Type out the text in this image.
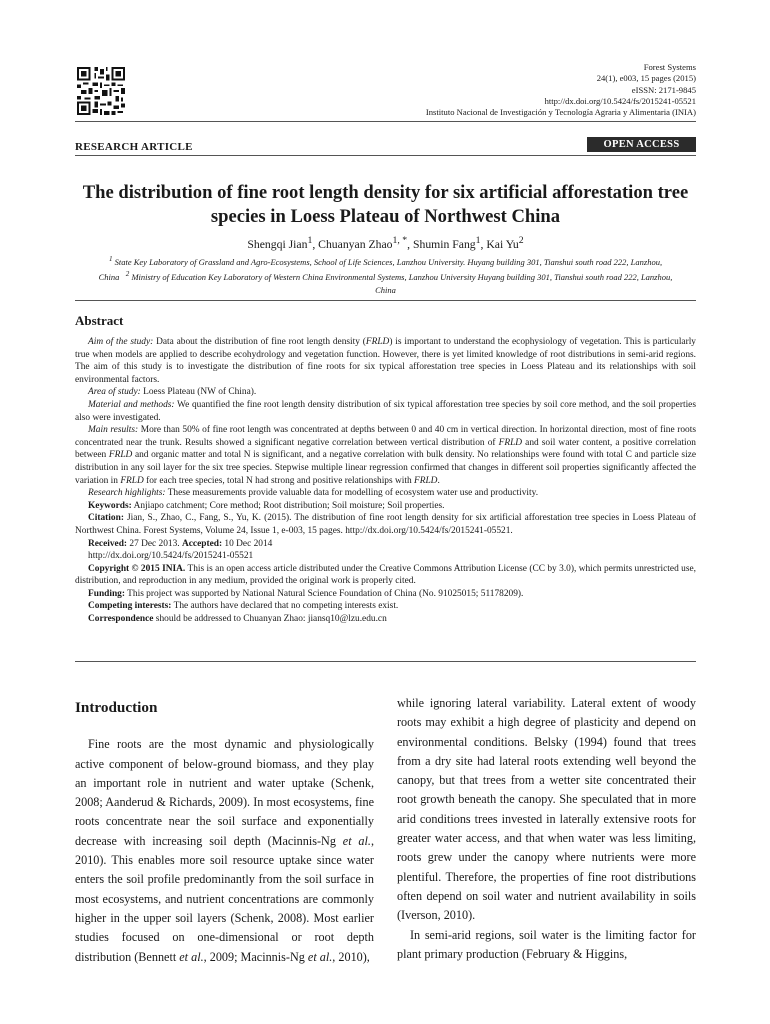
Forest Systems
24(1), e003, 15 pages (2015)
eISSN: 2171-9845
http://dx.doi.org/10.5424/fs/2015241-05521
Instituto Nacional de Investigación y Tecnología Agraria y Alimentaria (INIA)
RESEARCH ARTICLE	OPEN ACCESS
The distribution of fine root length density for six artificial afforestation tree species in Loess Plateau of Northwest China
Shengqi Jian$^1$, Chuanyan Zhao$^{1, *}$, Shumin Fang$^1$, Kai Yu$^2$
$^1$ State Key Laboratory of Grassland and Agro-Ecosystems, School of Life Sciences, Lanzhou University. Huyang building 301, Tianshui south road 222, Lanzhou, China $^2$ Ministry of Education Key Laboratory of Western China Environmental Systems, Lanzhou University Huyang building 301, Tianshui south road 222, Lanzhou, China
Abstract

Aim of the study: Data about the distribution of fine root length density (FRLD) is important to understand the ecophysiology of vegetation. This is particularly true when models are applied to describe ecohydrology and vegetation function. However, there is yet limited knowledge of root distributions in semi-arid regions. The aim of this study is to investigate the distribution of fine roots for six typical afforestation tree species in Loess Plateau and its relationships with soil environmental factors.

Area of study: Loess Plateau (NW of China).

Material and methods: We quantified the fine root length density distribution of six typical afforestation tree species by soil core method, and the soil properties also were investigated.

Main results: More than 50% of fine root length was concentrated at depths between 0 and 40 cm in vertical direction. In horizontal direction, most of fine roots concentrated near the trunk. Results showed a significant negative correlation between vertical distribution of FRLD and soil water content, a positive correlation between FRLD and organic matter and total N is significant, and a negative correlation with bulk density. No relationships were found with total C and particle size distribution in any soil layer for the six tree species. Stepwise multiple linear regression confirmed that changes in different soil properties significantly affected the variation in FRLD for each tree species, total N had strong and positive relationships with FRLD.

Research highlights: These measurements provide valuable data for modelling of ecosystem water use and productivity.

Keywords: Anjiapo catchment; Core method; Root distribution; Soil moisture; Soil properties.

Citation: Jian, S., Zhao, C., Fang, S., Yu, K. (2015). The distribution of fine root length density for six artificial afforestation tree species in Loess Plateau of Northwest China. Forest Systems, Volume 24, Issue 1, e-003, 15 pages. http://dx.doi.org/10.5424/fs/2015241-05521.

Received: 27 Dec 2013. Accepted: 10 Dec 2014

http://dx.doi.org/10.5424/fs/2015241-05521

Copyright © 2015 INIA. This is an open access article distributed under the Creative Commons Attribution License (CC by 3.0), which permits unrestricted use, distribution, and reproduction in any medium, provided the original work is properly cited.

Funding: This project was supported by National Natural Science Foundation of China (No. 91025015; 51178209).

Competing interests: The authors have declared that no competing interests exist.

Correspondence should be addressed to Chuanyan Zhao: jiansq10@lzu.edu.cn

Introduction

Fine roots are the most dynamic and physiologically active component of below-ground biomass, and they play an important role in nutrient and water uptake (Schenk, 2008; Aanderud & Richards, 2009). In most ecosystems, fine roots concentrate near the soil surface and exponentially decrease with increasing soil depth (Macinnis-Ng et al., 2010). This enables more soil resource uptake since water enters the soil profile predominantly from the soil surface in most ecosystems, and nutrient concentrations are commonly higher in the upper soil layers (Schenk, 2008). Most earlier studies focused on one-dimensional or root depth distribution (Bennett et al., 2009; Macinnis-Ng et al., 2010),

while ignoring lateral variability. Lateral extent of woody roots may exhibit a high degree of plasticity and depend on environmental conditions. Belsky (1994) found that trees from a dry site had lateral roots extending well beyond the canopy, but that trees from a wetter site concentrated their root growth beneath the canopy. She speculated that in more arid conditions trees invested in laterally extensive roots for greater water access, and that when water was less limiting, roots grew under the canopy where nutrients were more plentiful. Therefore, the properties of fine root distributions often depend on soil water and nutrient availability in soils (Iverson, 2010).

In semi-arid regions, soil water is the limiting factor for plant primary production (February & Higgins,
